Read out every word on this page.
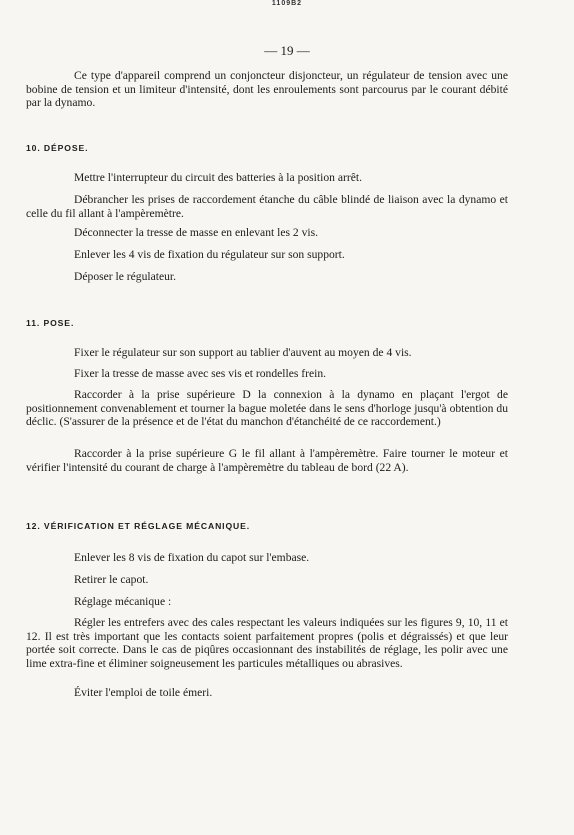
1109B2
— 19 —

Ce type d'appareil comprend un conjoncteur disjoncteur, un régulateur de tension avec une bobine de tension et un limiteur d'intensité, dont les enroulements sont parcourus par le courant débité par la dynamo.

10. DÉPOSE.

Mettre l'interrupteur du circuit des batteries à la position arrêt.

Débrancher les prises de raccordement étanche du câble blindé de liaison avec la dynamo et celle du fil allant à l'ampèremètre.

Déconnecter la tresse de masse en enlevant les 2 vis.

Enlever les 4 vis de fixation du régulateur sur son support.

Déposer le régulateur.

11. POSE.

Fixer le régulateur sur son support au tablier d'auvent au moyen de 4 vis.

Fixer la tresse de masse avec ses vis et rondelles frein.

Raccorder à la prise supérieure D la connexion à la dynamo en plaçant l'ergot de positionnement convenablement et tourner la bague moletée dans le sens d'horloge jusqu'à obtention du déclic. (S'assurer de la présence et de l'état du manchon d'étanchéité de ce raccordement.)

Raccorder à la prise supérieure G le fil allant à l'ampèremètre. Faire tourner le moteur et vérifier l'intensité du courant de charge à l'ampèremètre du tableau de bord (22 A).

12. VÉRIFICATION ET RÉGLAGE MÉCANIQUE.

Enlever les 8 vis de fixation du capot sur l'embase.

Retirer le capot.

Réglage mécanique :

Régler les entrefers avec des cales respectant les valeurs indiquées sur les figures 9, 10, 11 et 12. Il est très important que les contacts soient parfaitement propres (polis et dégraissés) et que leur portée soit correcte. Dans le cas de piqûres occasionnant des instabilités de réglage, les polir avec une lime extra-fine et éliminer soigneusement les particules métalliques ou abrasives.

Éviter l'emploi de toile émeri.
